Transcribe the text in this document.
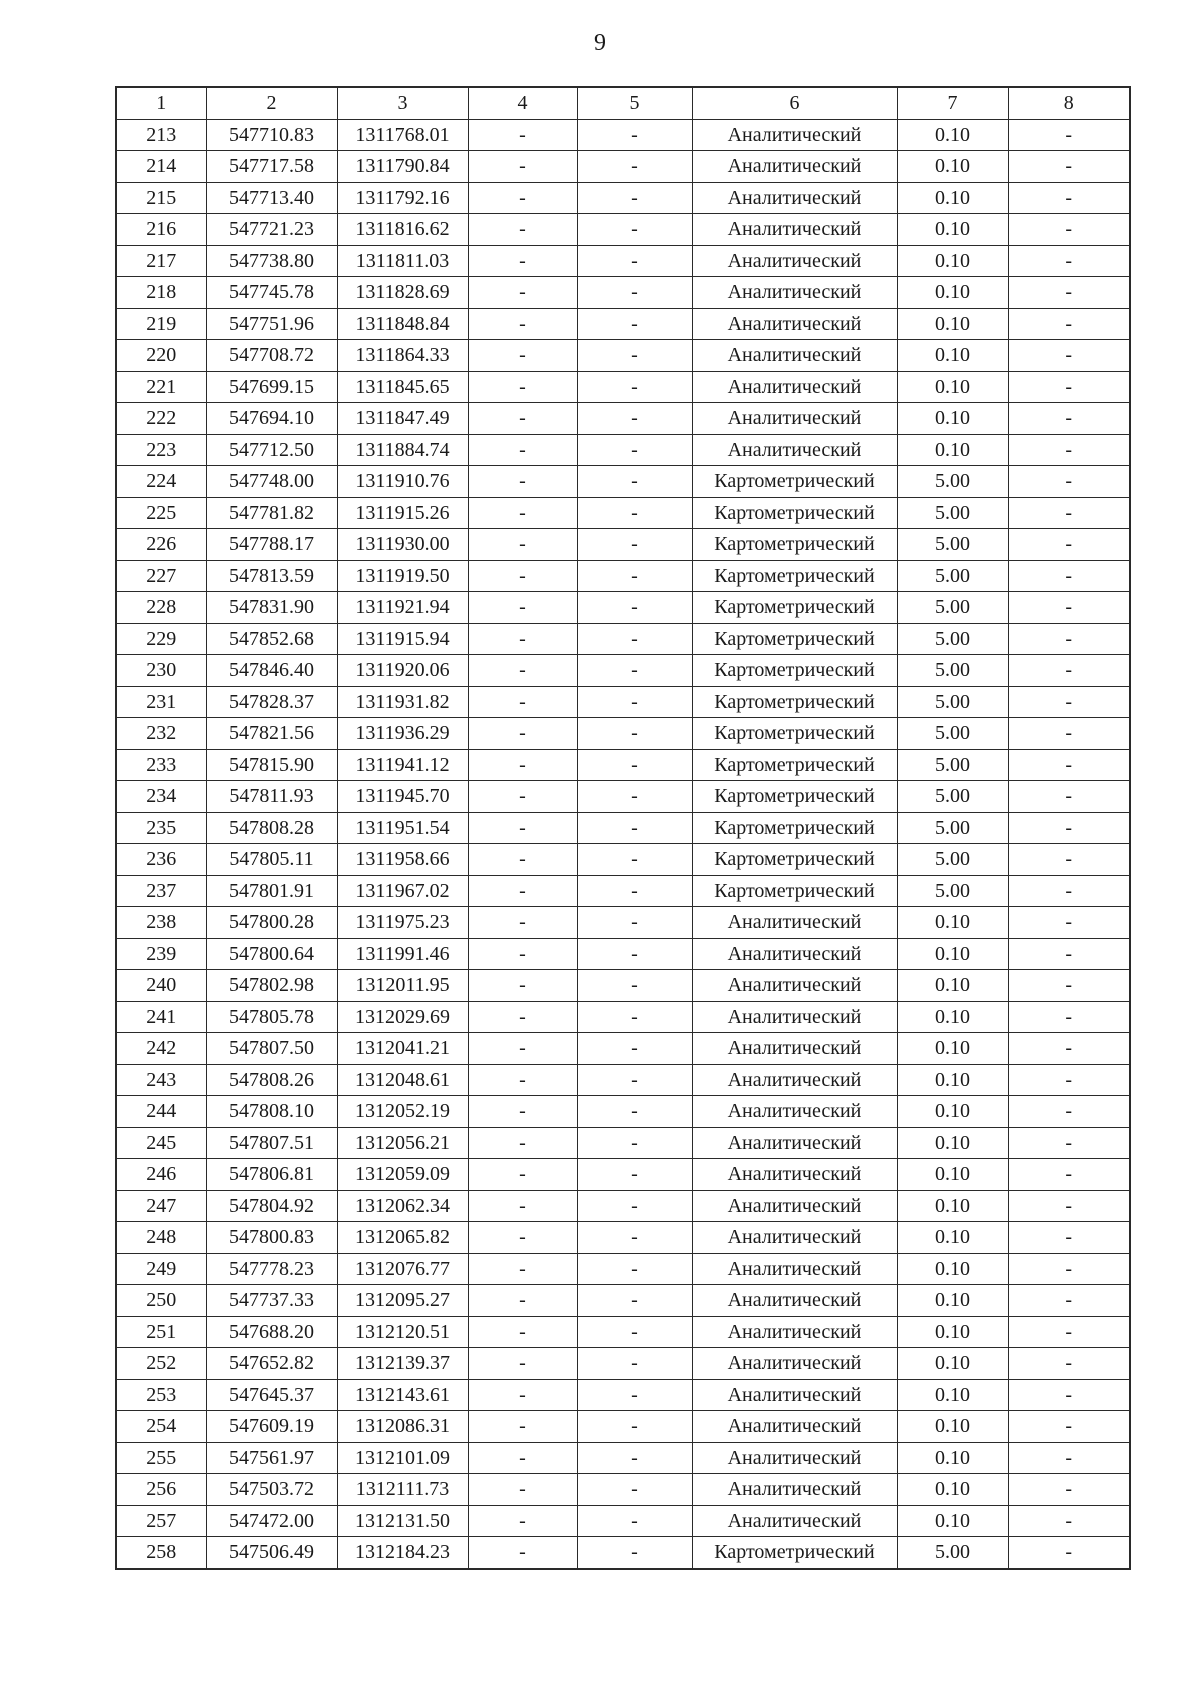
9
1	2	3	4	5	6	7	8
213	547710.83	1311768.01	-	-	Аналитический	0.10	-
214	547717.58	1311790.84	-	-	Аналитический	0.10	-
215	547713.40	1311792.16	-	-	Аналитический	0.10	-
216	547721.23	1311816.62	-	-	Аналитический	0.10	-
217	547738.80	1311811.03	-	-	Аналитический	0.10	-
218	547745.78	1311828.69	-	-	Аналитический	0.10	-
219	547751.96	1311848.84	-	-	Аналитический	0.10	-
220	547708.72	1311864.33	-	-	Аналитический	0.10	-
221	547699.15	1311845.65	-	-	Аналитический	0.10	-
222	547694.10	1311847.49	-	-	Аналитический	0.10	-
223	547712.50	1311884.74	-	-	Аналитический	0.10	-
224	547748.00	1311910.76	-	-	Картометрический	5.00	-
225	547781.82	1311915.26	-	-	Картометрический	5.00	-
226	547788.17	1311930.00	-	-	Картометрический	5.00	-
227	547813.59	1311919.50	-	-	Картометрический	5.00	-
228	547831.90	1311921.94	-	-	Картометрический	5.00	-
229	547852.68	1311915.94	-	-	Картометрический	5.00	-
230	547846.40	1311920.06	-	-	Картометрический	5.00	-
231	547828.37	1311931.82	-	-	Картометрический	5.00	-
232	547821.56	1311936.29	-	-	Картометрический	5.00	-
233	547815.90	1311941.12	-	-	Картометрический	5.00	-
234	547811.93	1311945.70	-	-	Картометрический	5.00	-
235	547808.28	1311951.54	-	-	Картометрический	5.00	-
236	547805.11	1311958.66	-	-	Картометрический	5.00	-
237	547801.91	1311967.02	-	-	Картометрический	5.00	-
238	547800.28	1311975.23	-	-	Аналитический	0.10	-
239	547800.64	1311991.46	-	-	Аналитический	0.10	-
240	547802.98	1312011.95	-	-	Аналитический	0.10	-
241	547805.78	1312029.69	-	-	Аналитический	0.10	-
242	547807.50	1312041.21	-	-	Аналитический	0.10	-
243	547808.26	1312048.61	-	-	Аналитический	0.10	-
244	547808.10	1312052.19	-	-	Аналитический	0.10	-
245	547807.51	1312056.21	-	-	Аналитический	0.10	-
246	547806.81	1312059.09	-	-	Аналитический	0.10	-
247	547804.92	1312062.34	-	-	Аналитический	0.10	-
248	547800.83	1312065.82	-	-	Аналитический	0.10	-
249	547778.23	1312076.77	-	-	Аналитический	0.10	-
250	547737.33	1312095.27	-	-	Аналитический	0.10	-
251	547688.20	1312120.51	-	-	Аналитический	0.10	-
252	547652.82	1312139.37	-	-	Аналитический	0.10	-
253	547645.37	1312143.61	-	-	Аналитический	0.10	-
254	547609.19	1312086.31	-	-	Аналитический	0.10	-
255	547561.97	1312101.09	-	-	Аналитический	0.10	-
256	547503.72	1312111.73	-	-	Аналитический	0.10	-
257	547472.00	1312131.50	-	-	Аналитический	0.10	-
258	547506.49	1312184.23	-	-	Картометрический	5.00	-
